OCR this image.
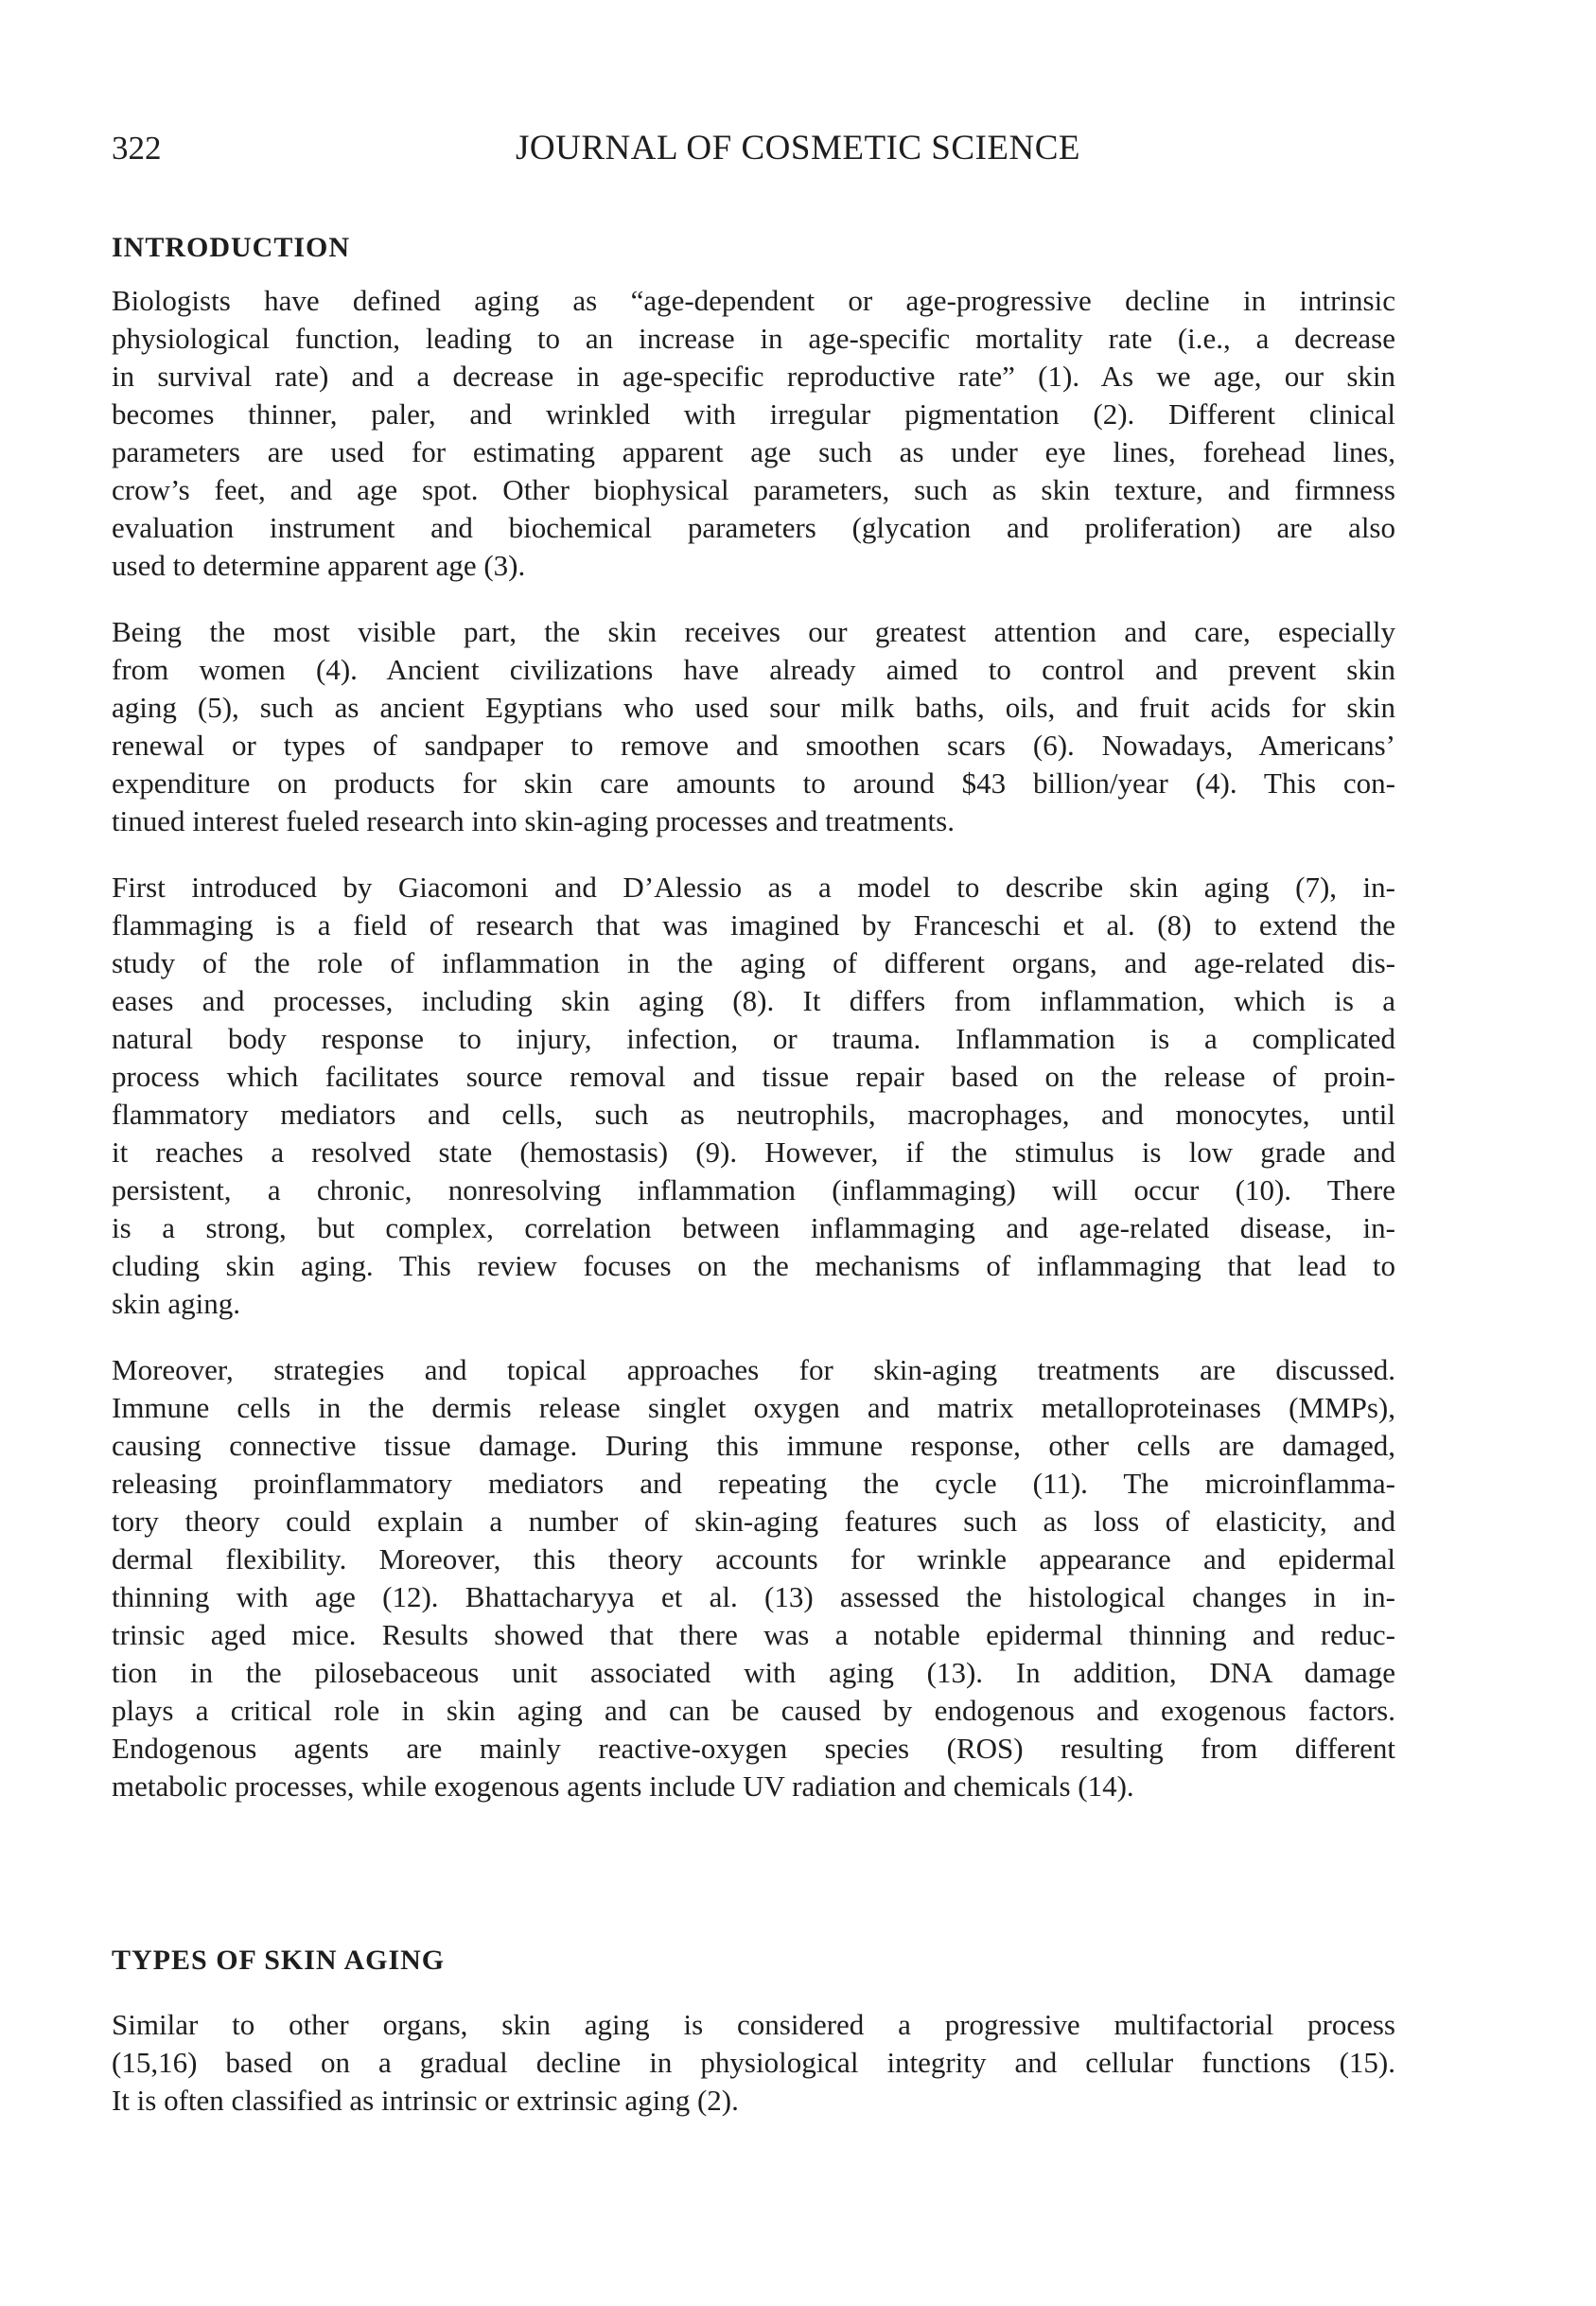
322	JOURNAL OF COSMETIC SCIENCE
INTRODUCTION
Biologists have defined aging as “age-dependent or age-progressive decline in intrinsic
physiological function, leading to an increase in age-specific mortality rate (i.e., a decrease
in survival rate) and a decrease in age-specific reproductive rate” (1). As we age, our skin
becomes thinner, paler, and wrinkled with irregular pigmentation (2). Different clinical
parameters are used for estimating apparent age such as under eye lines, forehead lines,
crow’s feet, and age spot. Other biophysical parameters, such as skin texture, and firmness
evaluation instrument and biochemical parameters (glycation and proliferation) are also
used to determine apparent age (3).
Being the most visible part, the skin receives our greatest attention and care, especially
from women (4). Ancient civilizations have already aimed to control and prevent skin
aging (5), such as ancient Egyptians who used sour milk baths, oils, and fruit acids for skin
renewal or types of sandpaper to remove and smoothen scars (6). Nowadays, Americans’
expenditure on products for skin care amounts to around $43 billion/year (4). This con-
tinued interest fueled research into skin-aging processes and treatments.
First introduced by Giacomoni and D’Alessio as a model to describe skin aging (7), in-
flammaging is a field of research that was imagined by Franceschi et al. (8) to extend the
study of the role of inflammation in the aging of different organs, and age-related dis-
eases and processes, including skin aging (8). It differs from inflammation, which is a
natural body response to injury, infection, or trauma. Inflammation is a complicated
process which facilitates source removal and tissue repair based on the release of proin-
flammatory mediators and cells, such as neutrophils, macrophages, and monocytes, until
it reaches a resolved state (hemostasis) (9). However, if the stimulus is low grade and
persistent, a chronic, nonresolving inflammation (inflammaging) will occur (10). There
is a strong, but complex, correlation between inflammaging and age-related disease, in-
cluding skin aging. This review focuses on the mechanisms of inflammaging that lead to
skin aging.
Moreover, strategies and topical approaches for skin-aging treatments are discussed.
Immune cells in the dermis release singlet oxygen and matrix metalloproteinases (MMPs),
causing connective tissue damage. During this immune response, other cells are damaged,
releasing proinflammatory mediators and repeating the cycle (11). The microinflamma-
tory theory could explain a number of skin-aging features such as loss of elasticity, and
dermal flexibility. Moreover, this theory accounts for wrinkle appearance and epidermal
thinning with age (12). Bhattacharyya et al. (13) assessed the histological changes in in-
trinsic aged mice. Results showed that there was a notable epidermal thinning and reduc-
tion in the pilosebaceous unit associated with aging (13). In addition, DNA damage
plays a critical role in skin aging and can be caused by endogenous and exogenous factors.
Endogenous agents are mainly reactive-oxygen species (ROS) resulting from different
metabolic processes, while exogenous agents include UV radiation and chemicals (14).
TYPES OF SKIN AGING
Similar to other organs, skin aging is considered a progressive multifactorial process
(15,16) based on a gradual decline in physiological integrity and cellular functions (15).
It is often classified as intrinsic or extrinsic aging (2).
